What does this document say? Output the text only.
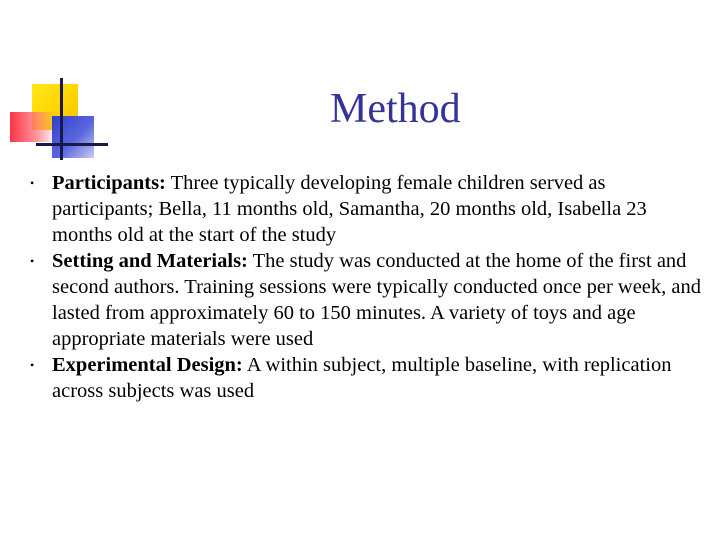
Method
• Participants: Three typically developing female children served as participants; Bella, 11 months old, Samantha, 20 months old, Isabella 23 months old at the start of the study
• Setting and Materials: The study was conducted at the home of the first and second authors. Training sessions were typically conducted once per week, and lasted from approximately 60 to 150 minutes. A variety of toys and age appropriate materials were used
• Experimental Design: A within subject, multiple baseline, with replication across subjects was used
